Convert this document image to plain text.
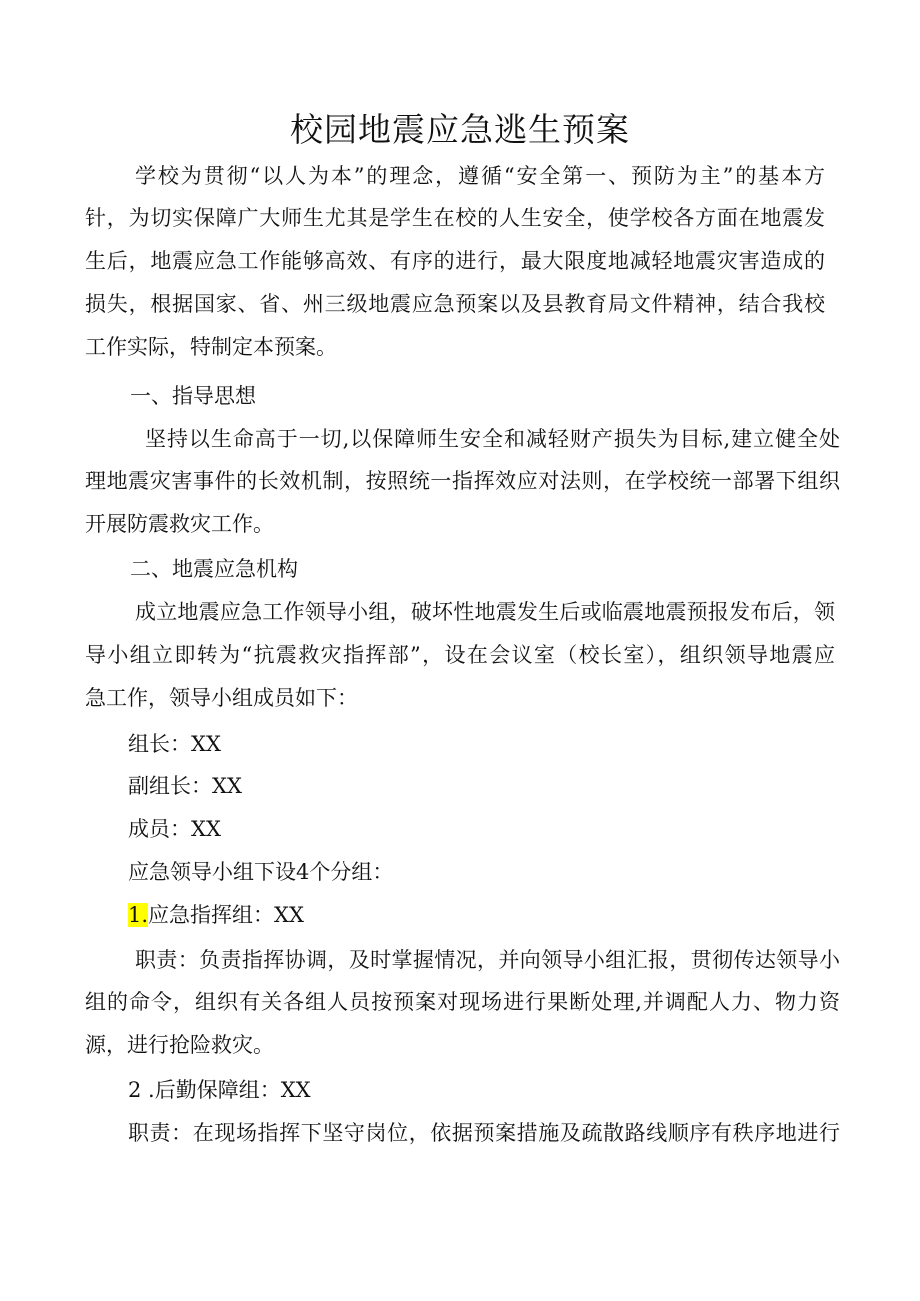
校园地震应急逃生预案
学校为贯彻“以人为本”的理念，遵循“安全第一、预防为主”的基本方
针，为切实保障广大师生尤其是学生在校的人生安全，使学校各方面在地震发
生后，地震应急工作能够高效、有序的进行，最大限度地减轻地震灾害造成的
损失，根据国家、省、州三级地震应急预案以及县教育局文件精神，结合我校
工作实际，特制定本预案。
一、指导思想
坚持以生命高于一切,以保障师生安全和减轻财产损失为目标,建立健全处
理地震灾害事件的长效机制，按照统一指挥效应对法则，在学校统一部署下组织
开展防震救灾工作。
二、地震应急机构
成立地震应急工作领导小组，破坏性地震发生后或临震地震预报发布后，领
导小组立即转为“抗震救灾指挥部”，设在会议室（校长室），组织领导地震应
急工作，领导小组成员如下：
组长：XX
副组长：XX
成员：XX
应急领导小组下设4个分组：
1.应急指挥组：XX
职责：负责指挥协调，及时掌握情况，并向领导小组汇报，贯彻传达领导小
组的命令，组织有关各组人员按预案对现场进行果断处理,并调配人力、物力资
源，进行抢险救灾。
2 .后勤保障组：XX
职责：在现场指挥下坚守岗位，依据预案措施及疏散路线顺序有秩序地进行
